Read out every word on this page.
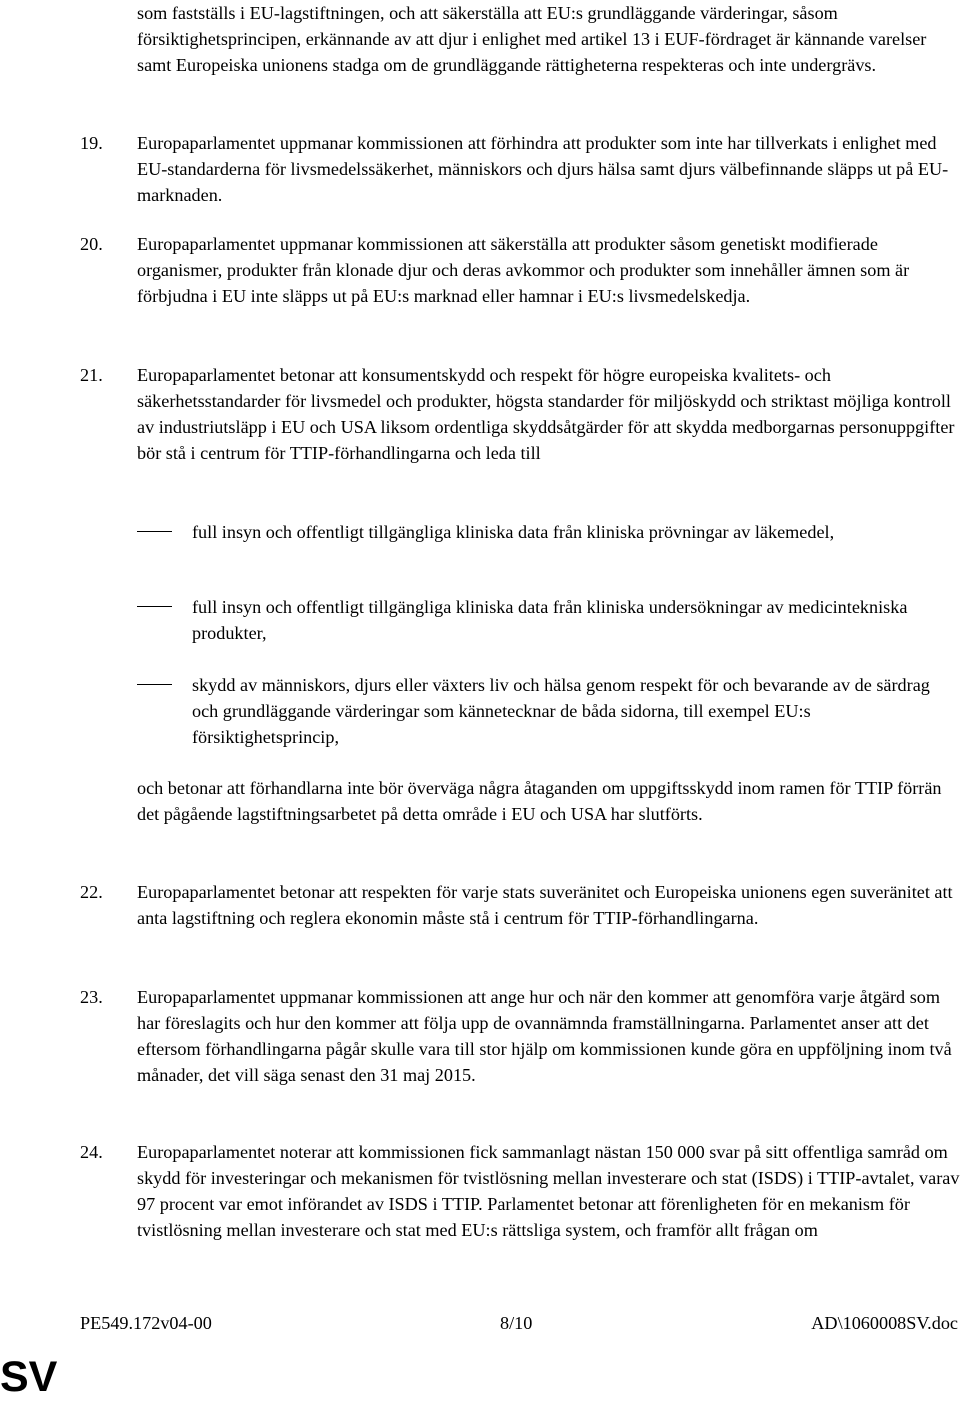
som fastställs i EU-lagstiftningen, och att säkerställa att EU:s grundläggande värderingar, såsom försiktighetsprincipen, erkännande av att djur i enlighet med artikel 13 i EUF-fördraget är kännande varelser samt Europeiska unionens stadga om de grundläggande rättigheterna respekteras och inte undergrävs.

19. Europaparlamentet uppmanar kommissionen att förhindra att produkter som inte har tillverkats i enlighet med EU-standarderna för livsmedelssäkerhet, människors och djurs hälsa samt djurs välbefinnande släpps ut på EU-marknaden.

20. Europaparlamentet uppmanar kommissionen att säkerställa att produkter såsom genetiskt modifierade organismer, produkter från klonade djur och deras avkommor och produkter som innehåller ämnen som är förbjudna i EU inte släpps ut på EU:s marknad eller hamnar i EU:s livsmedelskedja.

21. Europaparlamentet betonar att konsumentskydd och respekt för högre europeiska kvalitets- och säkerhetsstandarder för livsmedel och produkter, högsta standarder för miljöskydd och striktast möjliga kontroll av industriutsläpp i EU och USA liksom ordentliga skyddsåtgärder för att skydda medborgarnas personuppgifter bör stå i centrum för TTIP-förhandlingarna och leda till

full insyn och offentligt tillgängliga kliniska data från kliniska prövningar av läkemedel,

full insyn och offentligt tillgängliga kliniska data från kliniska undersökningar av medicintekniska produkter,

skydd av människors, djurs eller växters liv och hälsa genom respekt för och bevarande av de särdrag och grundläggande värderingar som kännetecknar de båda sidorna, till exempel EU:s försiktighetsprincip,

och betonar att förhandlarna inte bör överväga några åtaganden om uppgiftsskydd inom ramen för TTIP förrän det pågående lagstiftningsarbetet på detta område i EU och USA har slutförts.

22. Europaparlamentet betonar att respekten för varje stats suveränitet och Europeiska unionens egen suveränitet att anta lagstiftning och reglera ekonomin måste stå i centrum för TTIP-förhandlingarna.

23. Europaparlamentet uppmanar kommissionen att ange hur och när den kommer att genomföra varje åtgärd som har föreslagits och hur den kommer att följa upp de ovannämnda framställningarna. Parlamentet anser att det eftersom förhandlingarna pågår skulle vara till stor hjälp om kommissionen kunde göra en uppföljning inom två månader, det vill säga senast den 31 maj 2015.

24. Europaparlamentet noterar att kommissionen fick sammanlagt nästan 150 000 svar på sitt offentliga samråd om skydd för investeringar och mekanismen för tvistlösning mellan investerare och stat (ISDS) i TTIP-avtalet, varav 97 procent var emot införandet av ISDS i TTIP. Parlamentet betonar att förenligheten för en mekanism för tvistlösning mellan investerare och stat med EU:s rättsliga system, och framför allt frågan om

PE549.172v04-00	8/10	AD\1060008SV.doc
SV
